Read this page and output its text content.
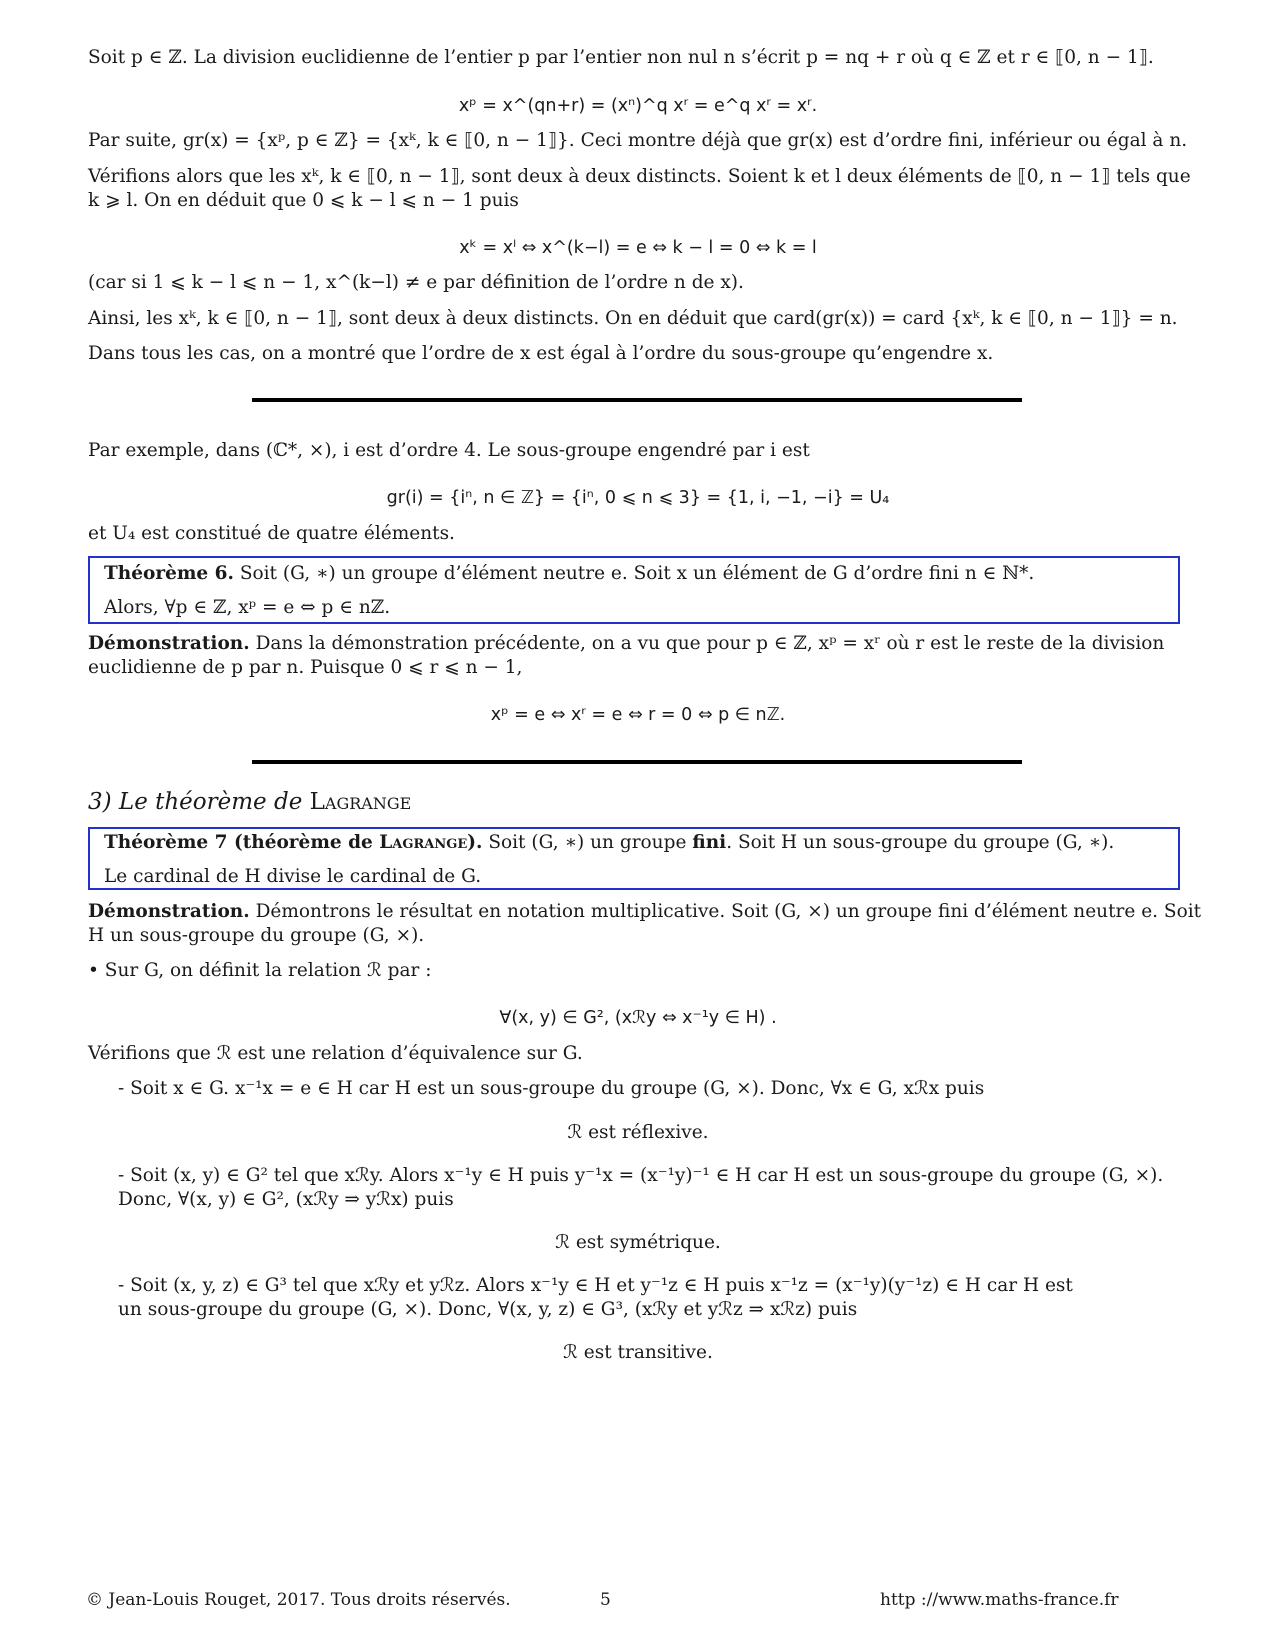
Soit p ∈ ℤ. La division euclidienne de l’entier p par l’entier non nul n s’écrit p = nq + r où q ∈ ℤ et r ∈ ⟦0, n − 1⟧.
xᵖ = x^(qn+r) = (xⁿ)^q xʳ = e^q xʳ = xʳ.
Par suite, gr(x) = {xᵖ, p ∈ ℤ} = {xᵏ, k ∈ ⟦0, n − 1⟧}. Ceci montre déjà que gr(x) est d’ordre fini, inférieur ou égal à n.
Vérifions alors que les xᵏ, k ∈ ⟦0, n − 1⟧, sont deux à deux distincts. Soient k et l deux éléments de ⟦0, n − 1⟧ tels que
k ⩾ l. On en déduit que 0 ⩽ k − l ⩽ n − 1 puis
xᵏ = xˡ ⇔ x^(k−l) = e ⇔ k − l = 0 ⇔ k = l
(car si 1 ⩽ k − l ⩽ n − 1, x^(k−l) ≠ e par définition de l’ordre n de x).
Ainsi, les xᵏ, k ∈ ⟦0, n − 1⟧, sont deux à deux distincts. On en déduit que card(gr(x)) = card {xᵏ, k ∈ ⟦0, n − 1⟧} = n.
Dans tous les cas, on a montré que l’ordre de x est égal à l’ordre du sous-groupe qu’engendre x.
Par exemple, dans (ℂ*, ×), i est d’ordre 4. Le sous-groupe engendré par i est
gr(i) = {iⁿ, n ∈ ℤ} = {iⁿ, 0 ⩽ n ⩽ 3} = {1, i, −1, −i} = U₄
et U₄ est constitué de quatre éléments.
Théorème 6. Soit (G, ∗) un groupe d’élément neutre e. Soit x un élément de G d’ordre fini n ∈ ℕ*.
Alors, ∀p ∈ ℤ, xᵖ = e ⇔ p ∈ nℤ.
Démonstration. Dans la démonstration précédente, on a vu que pour p ∈ ℤ, xᵖ = xʳ où r est le reste de la division
euclidienne de p par n. Puisque 0 ⩽ r ⩽ n − 1,
xᵖ = e ⇔ xʳ = e ⇔ r = 0 ⇔ p ∈ nℤ.
3) Le théorème de Lagrange
Théorème 7 (théorème de Lagrange). Soit (G, ∗) un groupe fini. Soit H un sous-groupe du groupe (G, ∗).
Le cardinal de H divise le cardinal de G.
Démonstration. Démontrons le résultat en notation multiplicative. Soit (G, ×) un groupe fini d’élément neutre e. Soit
H un sous-groupe du groupe (G, ×).
• Sur G, on définit la relation ℛ par :
∀(x, y) ∈ G², (xℛy ⇔ x⁻¹y ∈ H) .
Vérifions que ℛ est une relation d’équivalence sur G.
- Soit x ∈ G. x⁻¹x = e ∈ H car H est un sous-groupe du groupe (G, ×). Donc, ∀x ∈ G, xℛx puis
ℛ est réflexive.
- Soit (x, y) ∈ G² tel que xℛy. Alors x⁻¹y ∈ H puis y⁻¹x = (x⁻¹y)⁻¹ ∈ H car H est un sous-groupe du groupe (G, ×).
Donc, ∀(x, y) ∈ G², (xℛy ⇒ yℛx) puis
ℛ est symétrique.
- Soit (x, y, z) ∈ G³ tel que xℛy et yℛz. Alors x⁻¹y ∈ H et y⁻¹z ∈ H puis x⁻¹z = (x⁻¹y)(y⁻¹z) ∈ H car H est
un sous-groupe du groupe (G, ×). Donc, ∀(x, y, z) ∈ G³, (xℛy et yℛz ⇒ xℛz) puis
ℛ est transitive.
© Jean-Louis Rouget, 2017. Tous droits réservés.	5	http ://www.maths-france.fr
